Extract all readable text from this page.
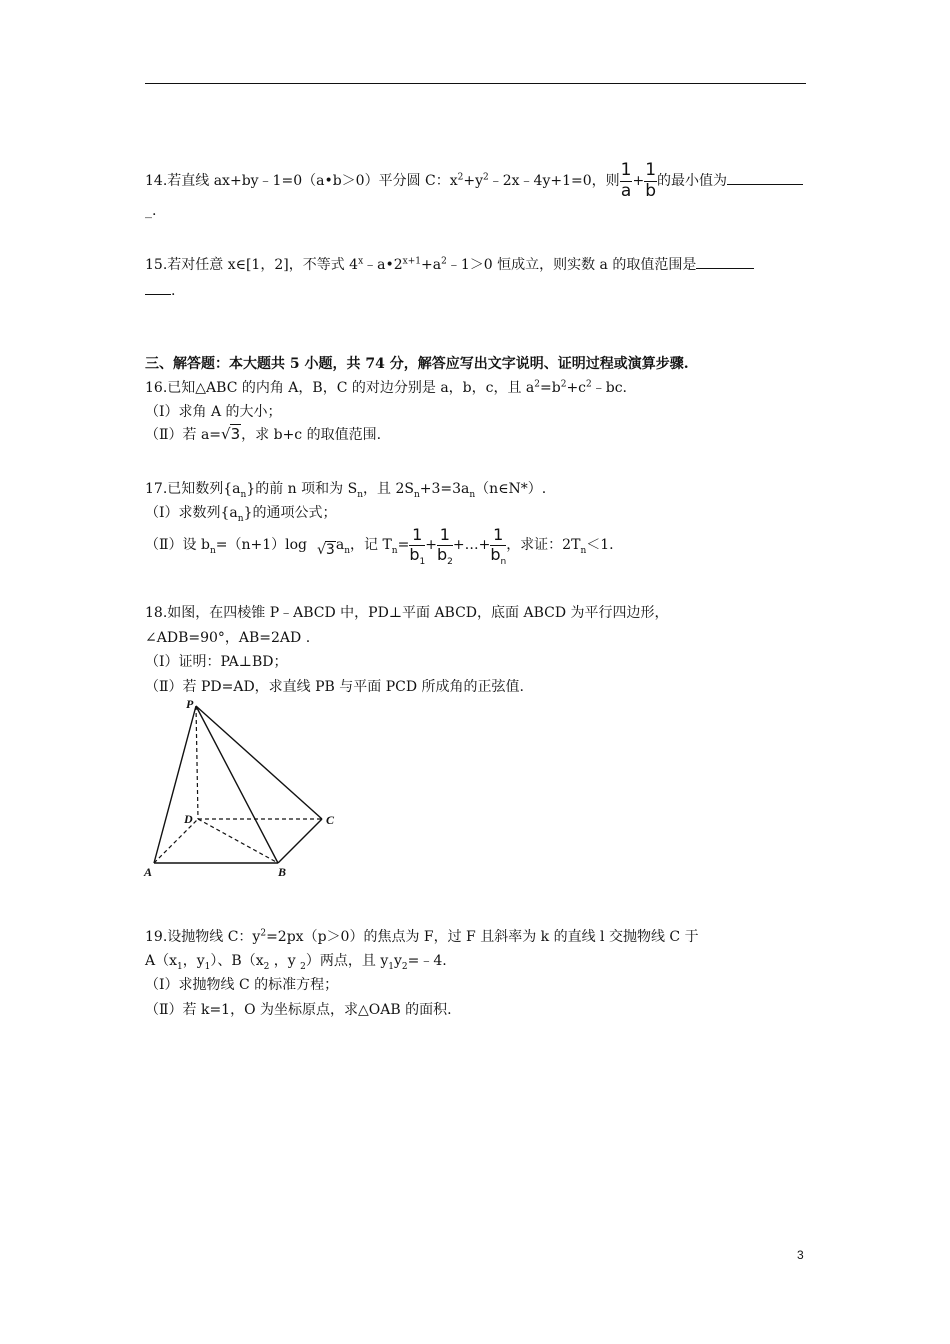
14.若直线 ax+by﹣1=0（a•b＞0）平分圆 C：$x^2+y^2﹣2x﹣4y+1=0$，则 $\frac{1}{a} + \frac{1}{b}$ 的最小值为
_.
15.若对任意 x∈[1，2]，不等式 $4^x﹣a•2^{x+1}+a^2﹣1>0$ 恒成立，则实数 a 的取值范围是
.
三、解答题：本大题共 5 小题，共 74 分，解答应写出文字说明、证明过程或演算步骤.
16.已知△ABC 的内角 A，B，C 的对边分别是 a，b，c，且 $a^2=b^2+c^2﹣bc$.
（Ⅰ）求角 A 的大小；
（Ⅱ）若 a=√3，求 b+c 的取值范围.
17.已知数列$\{a_n\}$的前 n 项和为 $S_n$，且 $2S_n+3=3a_n(n\in N*)$.
（Ⅰ）求数列$\{a_n\}$的通项公式；
（Ⅱ）设 $b_n=(n+1)\log$ $√3a_n$，记 $T_n= \frac{1}{b_1} + \frac{1}{b_2}$ +…+ $\frac{1}{b_n}$ ，求证：$2T_n<1$.
18.如图，在四棱锥 P﹣ABCD 中，PD⊥平面 ABCD，底面 ABCD 为平行四边形，
∠ADB=90°，AB=2AD .
（Ⅰ）证明：PA⊥BD；
（Ⅱ）若 PD=AD，求直线 PB 与平面 PCD 所成角的正弦值.
P
D	C
A	B
19.设抛物线 C：$y^2=2px(p>0)$的焦点为 F，过 F 且斜率为 k 的直线 l 交抛物线 C 于
$A(x_1$，$y_1$）、$B(x_2$ ，y $_2$）两点，且 $y_1y_2=﹣4$.
（Ⅰ）求抛物线 C 的标准方程；
（Ⅱ）若 k=1，O 为坐标原点，求△OAB 的面积.
3
